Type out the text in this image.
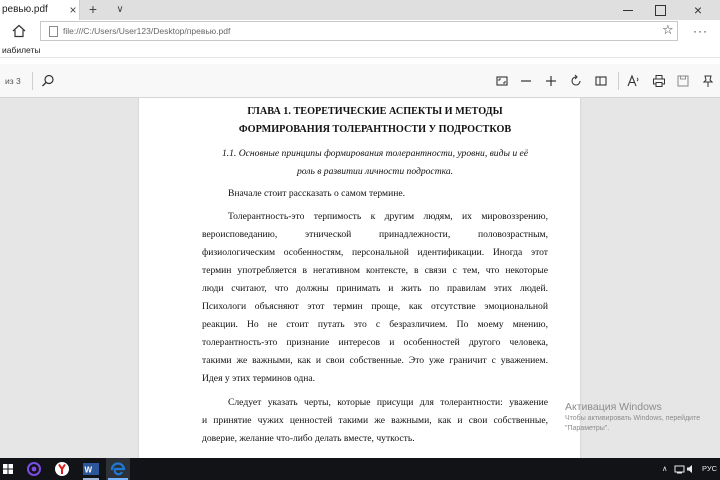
ревью.pdf × +	∨	×
file:///C:/Users/User123/Desktop/превью.pdf	☆ ···
иабилеты
из 3
ГЛАВА 1. ТЕОРЕТИЧЕСКИЕ АСПЕКТЫ И МЕТОДЫ
ФОРМИРОВАНИЯ ТОЛЕРАНТНОСТИ У ПОДРОСТКОВ
1.1. Основные принципы формирования толерантности, уровни, виды и её
роль в развитии личности подростка.
Вначале стоит рассказать о самом термине.
Толерантность-это терпимость к другим людям, их мировоззрению,
вероисповеданию, этнической принадлежности, половозрастным,
физиологическим особенностям, персональной идентификации. Иногда этот
термин употребляется в негативном контексте, в связи с тем, что некоторые
люди считают, что должны принимать и жить по правилам этих людей.
Психологи объясняют этот термин проще, как отсутствие эмоциональной
реакции. Но не стоит путать это с безразличием. По моему мнению,
толерантность-это признание интересов и особенностей другого человека,
такими же важными, как и свои собственные. Это уже граничит с уважением.
Идея у этих терминов одна.
Следует указать черты, которые присущи для толерантности: уважение
и принятие чужих ценностей такими же важными, как и свои собственные,
доверие, желание что-либо делать вместе, чуткость.
Активация Windows
Чтобы активировать Windows, перейдите
"Параметры".
W	∧	РУС
